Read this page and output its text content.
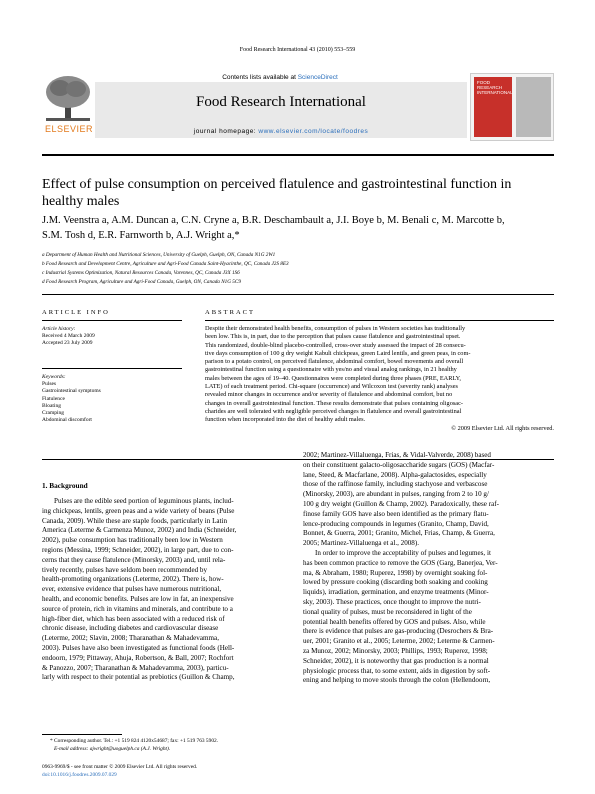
Food Research International 43 (2010) 553–559
Contents lists available at ScienceDirect
Food Research International
journal homepage: www.elsevier.com/locate/foodres
ELSEVIER
FOOD RESEARCH INTERNATIONAL
Effect of pulse consumption on perceived flatulence and gastrointestinal function in healthy males
J.M. Veenstra a, A.M. Duncan a, C.N. Cryne a, B.R. Deschambault a, J.I. Boye b, M. Benali c, M. Marcotte b,
S.M. Tosh d, E.R. Farnworth b, A.J. Wright a,*
a Department of Human Health and Nutritional Sciences, University of Guelph, Guelph, ON, Canada N1G 2W1
b Food Research and Development Centre, Agriculture and Agri-Food Canada Saint-Hyacinthe, QC, Canada J2S 8E3
c Industrial Systems Optimization, Natural Resources Canada, Varennes, QC, Canada J3X 1S6
d Food Research Program, Agriculture and Agri-Food Canada, Guelph, ON, Canada N1G 5C9
ARTICLE INFO
Article history:
Received 4 March 2009
Accepted 23 July 2009
Keywords:
Pulses
Gastrointestinal symptoms
Flatulence
Bloating
Cramping
Abdominal discomfort
ABSTRACT
Despite their demonstrated health benefits, consumption of pulses in Western societies has traditionally
been low. This is, in part, due to the perception that pulses cause flatulence and gastrointestinal upset.
This randomized, double-blind placebo-controlled, cross-over study assessed the impact of 28 consecu-
tive days consumption of 100 g dry weight Kabuli chickpeas, green Laird lentils, and green peas, in com-
parison to a potato control, on perceived flatulence, abdominal comfort, bowel movements and overall
gastrointestinal function using a questionnaire with yes/no and visual analog rankings, in 21 healthy
males between the ages of 19–40. Questionnaires were completed during three phases (PRE, EARLY,
LATE) of each treatment period. Chi-square (occurrence) and Wilcoxon test (severity rank) analyses
revealed minor changes in occurrence and/or severity of flatulence and abdominal comfort, but no
changes in overall gastrointestinal function. These results demonstrate that pulses containing oligosac-
charides are well tolerated with negligible perceived changes in flatulence and overall gastrointestinal
function when incorporated into the diet of healthy adult males.
© 2009 Elsevier Ltd. All rights reserved.
1. Background
Pulses are the edible seed portion of leguminous plants, includ-
ing chickpeas, lentils, green peas and a wide variety of beans (Pulse
Canada, 2009). While these are staple foods, particularly in Latin
America (Leterme & Carmenza Munoz, 2002) and India (Schneider,
2002), pulse consumption has traditionally been low in Western
regions (Messina, 1999; Schneider, 2002), in large part, due to con-
cerns that they cause flatulence (Minorsky, 2003) and, until rela-
tively recently, pulses have seldom been recommended by
health-promoting organizations (Leterme, 2002). There is, how-
ever, extensive evidence that pulses have numerous nutritional,
health, and economic benefits. Pulses are low in fat, an inexpensive
source of protein, rich in vitamins and minerals, and contribute to a
high-fiber diet, which has been associated with a reduced risk of
chronic disease, including diabetes and cardiovascular disease
(Leterme, 2002; Slavin, 2008; Tharanathan & Mahadevamma,
2003). Pulses have also been investigated as functional foods (Hell-
endoorn, 1979; Pittaway, Ahuja, Robertson, & Ball, 2007; Rochfort
& Panozzo, 2007; Tharanathan & Mahadevamma, 2003), particu-
larly with respect to their potential as prebiotics (Guillon & Champ,
2002; Martinez-Villaluenga, Frias, & Vidal-Valverde, 2008) based
on their constituent galacto-oligosaccharide sugars (GOS) (Macfar-
lane, Steed, & Macfarlane, 2008). Alpha-galactosides, especially
those of the raffinose family, including stachyose and verbascose
(Minorsky, 2003), are abundant in pulses, ranging from 2 to 10 g/
100 g dry weight (Guillon & Champ, 2002). Paradoxically, these raf-
finose family GOS have also been identified as the primary flatu-
lence-producing compounds in legumes (Granito, Champ, David,
Bonnet, & Guerra, 2001; Granito, Michel, Frias, Champ, & Guerra,
2005; Martinez-Villaluenga et al., 2008).
In order to improve the acceptability of pulses and legumes, it
has been common practice to remove the GOS (Garg, Banerjea, Ver-
ma, & Abraham, 1980; Ruperez, 1998) by overnight soaking fol-
lowed by pressure cooking (discarding both soaking and cooking
liquids), irradiation, germination, and enzyme treatments (Minor-
sky, 2003). These practices, once thought to improve the nutri-
tional quality of pulses, must be reconsidered in light of the
potential health benefits offered by GOS and pulses. Also, while
there is evidence that pulses are gas-producing (Desrochers & Bra-
uer, 2001; Granito et al., 2005; Leterme, 2002; Leterme & Carmen-
za Munoz, 2002; Minorsky, 2003; Phillips, 1993; Ruperez, 1998;
Schneider, 2002), it is noteworthy that gas production is a normal
physiologic process that, to some extent, aids in digestion by soft-
ening and helping to move stools through the colon (Hellendoorn,
* Corresponding author. Tel.: +1 519 824 4120x54687; fax: +1 519 763 5902.
E-mail address: ajwright@uoguelph.ca (A.J. Wright).
0963-9969/$ - see front matter © 2009 Elsevier Ltd. All rights reserved.
doi:10.1016/j.foodres.2009.07.029
